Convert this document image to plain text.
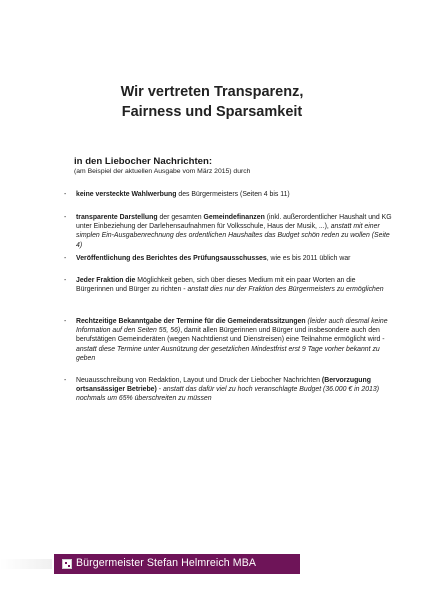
Wir vertreten Transparenz,
Fairness und Sparsamkeit
in den Liebocher Nachrichten:
(am Beispiel der aktuellen Ausgabe vom März 2015) durch
-	keine versteckte Wahlwerbung des Bürgermeisters (Seiten 4 bis 11)
-	transparente Darstellung der gesamten Gemeindefinanzen (inkl. außerordentlicher Haushalt und KG unter Einbeziehung der Darlehensaufnahmen für Volksschule, Haus der Musik, ...), anstatt mit einer simplen Ein-Ausgabenrechnung des ordentlichen Haushaltes das Budget schön reden zu wollen (Seite 4)
-	Veröffentlichung des Berichtes des Prüfungsausschusses, wie es bis 2011 üblich war
-	Jeder Fraktion die Möglichkeit geben, sich über dieses Medium mit ein paar Worten an die Bürgerinnen und Bürger zu richten - anstatt dies nur der Fraktion des Bürgermeisters zu ermöglichen
-	Rechtzeitige Bekanntgabe der Termine für die Gemeinderatssitzungen (leider auch diesmal keine Information auf den Seiten 55, 56), damit allen Bürgerinnen und Bürger und insbesondere auch den berufstätigen Gemeinderäten (wegen Nachtdienst und Dienstreisen) eine Teilnahme ermöglicht wird - anstatt diese Termine unter Ausnützung der gesetzlichen Mindestfrist erst 9 Tage vorher bekannt zu geben
-	Neuausschreibung von Redaktion, Layout und Druck der Liebocher Nachrichten (Bervorzugung ortsansässiger Betriebe) - anstatt das dafür viel zu hoch veranschlagte Budget (36.000 € in 2013) nochmals um 65% überschreiten zu müssen
Bürgermeister Stefan Helmreich MBA
